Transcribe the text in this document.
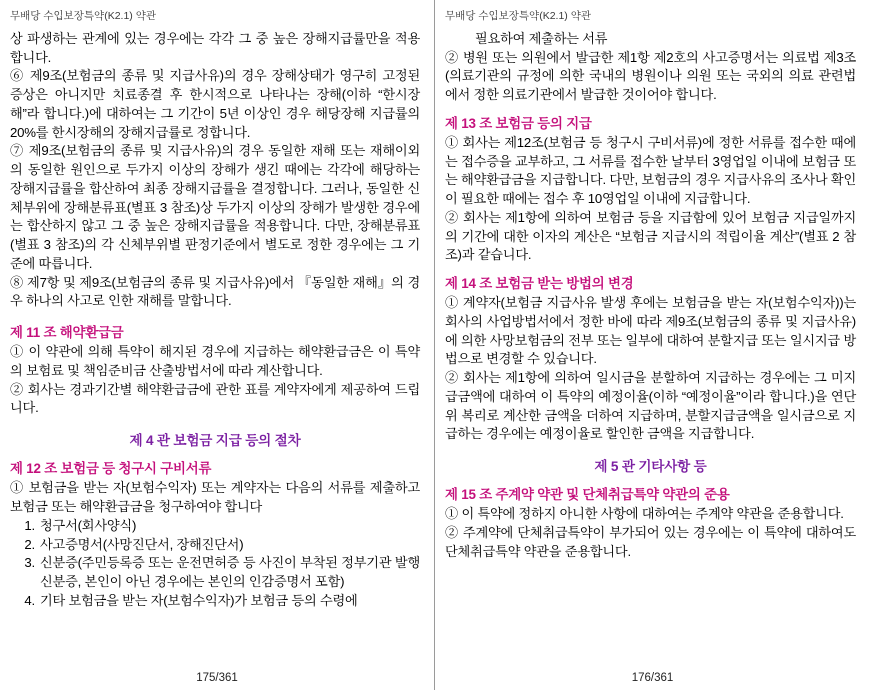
무배당 수입보장특약(K2.1) 약관

상 파생하는 관계에 있는 경우에는 각각 그 중 높은 장해지급률만을 적용합니다.

⑥ 제9조(보험금의 종류 및 지급사유)의 경우 장해상태가 영구히 고정된 증상은 아니지만 치료종결 후 한시적으로 나타나는 장해(이하 “한시장해”라 합니다.)에 대하여는 그 기간이 5년 이상인 경우 해당장해 지급률의 20%를 한시장해의 장해지급률로 정합니다.

⑦ 제9조(보험금의 종류 및 지급사유)의 경우 동일한 재해 또는 재해이외의 동일한 원인으로 두가지 이상의 장해가 생긴 때에는 각각에 해당하는 장해지급률을 합산하여 최종 장해지급률을 결정합니다. 그러나, 동일한 신체부위에 장해분류표(별표 3 참조)상 두가지 이상의 장해가 발생한 경우에는 합산하지 않고 그 중 높은 장해지급률을 적용합니다. 다만, 장해분류표(별표 3 참조)의 각 신체부위별 판정기준에서 별도로 정한 경우에는 그 기준에 따릅니다.

⑧ 제7항 및 제9조(보험금의 종류 및 지급사유)에서 『동일한 재해』의 경우 하나의 사고로 인한 재해를 말합니다.

제 11 조 해약환급금

① 이 약관에 의해 특약이 해지된 경우에 지급하는 해약환급금은 이 특약의 보험료 및 책임준비금 산출방법서에 따라 계산합니다.

② 회사는 경과기간별 해약환급금에 관한 표를 계약자에게 제공하여 드립니다.

제 4 관 보험금 지급 등의 절차
제 12 조 보험금 등 청구시 구비서류

① 보험금을 받는 자(보험수익자) 또는 계약자는 다음의 서류를 제출하고 보험금 또는 해약환급금을 청구하여야 합니다

1. 청구서(회사양식)
2. 사고증명서(사망진단서, 장해진단서)
3. 신분증(주민등록증 또는 운전면허증 등 사진이 부착된 정부기관 발행 신분증, 본인이 아닌 경우에는 본인의 인감증명서 포함)
4. 기타 보험금을 받는 자(보험수익자)가 보험금 등의 수령에
175/361
무배당 수입보장특약(K2.1) 약관

필요하여 제출하는 서류

② 병원 또는 의원에서 발급한 제1항 제2호의 사고증명서는 의료법 제3조(의료기관의 규정에 의한 국내의 병원이나 의원 또는 국외의 의료 관련법에서 정한 의료기관에서 발급한 것이어야 합니다.

제 13 조 보험금 등의 지급

① 회사는 제12조(보험금 등 청구시 구비서류)에 정한 서류를 접수한 때에는 접수증을 교부하고, 그 서류를 접수한 날부터 3영업일 이내에 보험금 또는 해약환급금을 지급합니다. 다만, 보험금의 경우 지급사유의 조사나 확인이 필요한 때에는 접수 후 10영업일 이내에 지급합니다.

② 회사는 제1항에 의하여 보험금 등을 지급함에 있어 보험금 지급일까지의 기간에 대한 이자의 계산은 “보험금 지급시의 적립이율 계산”(별표 2 참조)과 같습니다.

제 14 조 보험금 받는 방법의 변경

① 계약자(보험금 지급사유 발생 후에는 보험금을 받는 자(보험수익자))는 회사의 사업방법서에서 정한 바에 따라 제9조(보험금의 종류 및 지급사유)에 의한 사망보험금의 전부 또는 일부에 대하여 분할지급 또는 일시지급 방법으로 변경할 수 있습니다.

② 회사는 제1항에 의하여 일시금을 분할하여 지급하는 경우에는 그 미지급금액에 대하여 이 특약의 예정이율(이하 “예정이율”이라 합니다.)을 연단위 복리로 계산한 금액을 더하여 지급하며, 분할지급금액을 일시금으로 지급하는 경우에는 예정이율로 할인한 금액을 지급합니다.

제 5 관 기타사항 등
제 15 조 주계약 약관 및 단체취급특약 약관의 준용

① 이 특약에 정하지 아니한 사항에 대하여는 주계약 약관을 준용합니다.

② 주계약에 단체취급특약이 부가되어 있는 경우에는 이 특약에 대하여도 단체취급특약 약관을 준용합니다.

176/361
